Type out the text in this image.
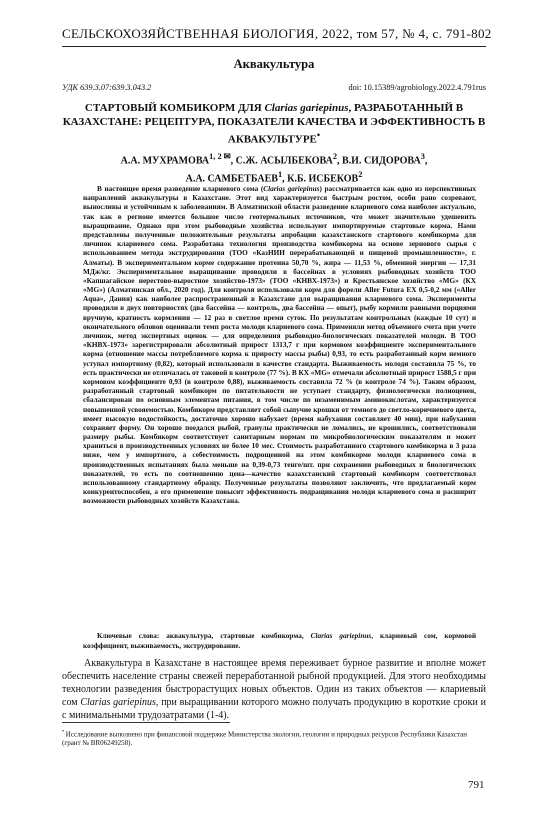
СЕЛЬСКОХОЗЯЙСТВЕННАЯ БИОЛОГИЯ, 2022, том 57, № 4, с. 791-802
Аквакультура
УДК 639.3.07:639.3.043.2	doi: 10.15389/agrobiology.2022.4.791rus
СТАРТОВЫЙ КОМБИКОРМ ДЛЯ Clarias gariepinus, РАЗРАБОТАННЫЙ В КАЗАХСТАНЕ: РЕЦЕПТУРА, ПОКАЗАТЕЛИ КАЧЕСТВА И ЭФФЕКТИВНОСТЬ В АКВАКУЛЬТУРЕ•
А.А. $МУХРАМОВА^{1, 2 ✉}$, С.Ж. АСЫЛБЕКОВА$^2$, В.И. СИДОРОВА$^3$,
А.А. САМБЕТБАЕВ$^1$, К.Б. ИСБЕКОВ$^2$

В настоящее время разведение клариевого сома (Clarias gariepinus) рассматривается как одно из перспективных направлений аквакультуры в Казахстане. Этот вид характеризуется быстрым ростом, особи рано созревают, выносливы и устойчивым к заболеваниям. В Алматинской области разведение клариевого сома наиболее актуально, так как в регионе имеется большое число геотермальных источников, что может значительно удешевить выращивание. Однако при этом рыбоводные хозяйства используют импортируемые стартовые корма. Нами представлены полученные положительные результаты апробации казахстанского стартового комбикорма для личинок клариевого сома. Разработана технология производства комбикорма на основе зернового сырья с использованием метода экструдирования (ТОО «КазНИИ перерабатывающей и пищевой промышленности», г. Алматы). В экспериментальном корме содержание протеина 50,70 %, жира — 11,53 %, обменной энергии — 17,31 МДж/кг. Экспериментальное выращивание проводили в бассейнах в условиях рыбоводных хозяйств ТОО «Капшагайское нерестово-выростное хозяйство-1973» (ТОО «КНВХ-1973») и Крестьянское хозяйство «MG» (КХ «MG») (Алматинская обл., 2020 год). Для контроля использовали корм для форели Aller Futura EX 0,5-0,2 мм («Aller Aqua», Дания) как наиболее распространенный в Казахстане для выращивания клариевого сома. Эксперименты проводили в двух повторностях (два бассейна — контроль, два бассейна — опыт), рыбу кормили равными порциями вручную, кратность кормления — 12 раз в светлое время суток. По результатам контрольных (каждые 10 сут) и окончательного обловов оценивали темп роста молоди клариевого сома. Применяли метод объемного счета при учете личинок, метод экспертных оценок — для определения рыбоводно-биологических показателей молоди. В ТОО «КНВХ-1973» зарегистрировали абсолютный прирост 1313,7 г при кормовом коэффициенте экспериментального корма (отношение массы потребляемого корма к приросту массы рыбы) 0,93, то есть разработанный корм немного уступал импортному (0,82), который использовали в качестве стандарта. Выживаемость молоди составила 75 %, то есть практически не отличалась от таковой в контроле (77 %). В КХ «MG» отмечали абсолютный прирост 1588,5 г при кормовом коэффициенте 0,93 (в контроле 0,88), выживаемость составила 72 % (в контроле 74 %). Таким образом, разработанный стартовый комбикорм по питательности не уступает стандарту, физиологически полноценен, сбалансирован по основным элементам питания, в том числе по незаменимым аминокислотам, характеризуется повышенной усвояемостью. Комбикорм представляет собой сыпучие крошки от темного до светло-коричневого цвета, имеет высокую водостойкость, достаточно хорошо набухает (время набухания составляет 40 мин), при набухании сохраняет форму. Он хорошо поедался рыбой, гранулы практически не ломались, не крошились, соответствовали размеру рыбы. Комбикорм соответствует санитарным нормам по микробиологическим показателям и может храниться в производственных условиях не более 10 мес. Стоимость разработанного стартового комбикорма в 3 раза ниже, чем у импортного, а себестоимость подрощенной на этом комбикорме молоди клариевого сома в производственных испытаниях была меньше на 0,39-0,73 тенге/шт. при сохранении рыбоводных и биологических показателей, то есть по соотношению цена—качество казахстанский стартовый комбикорм соответствовал использованному стандартному образцу. Полученные результаты позволяют заключить, что предлагаемый корм конкурентоспособен, а его применение повысит эффективность подращивания молоди клариевого сома и расширит возможности рыбоводных хозяйств Казахстана.

Ключевые слова: аквакультура, стартовые комбикорма, Clarias gariepinus, клариевый сом, кормовой коэффициент, выживаемость, экструдирование.

Аквакультура в Казахстане в настоящее время переживает бурное развитие и вполне может обеспечить население страны свежей переработанной рыбной продукцией. Для этого необходимы технологии разведения быстрорастущих новых объектов. Один из таких объектов — клариевый сом Clarias gariepinus, при выращивании которого можно получать продукцию в короткие сроки и с минимальными трудозатратами (1-4).

• Исследование выполнено при финансовой поддержке Министерства экологии, геологии и природных ресурсов Республики Казахстан (грант № BR06249258).

791
